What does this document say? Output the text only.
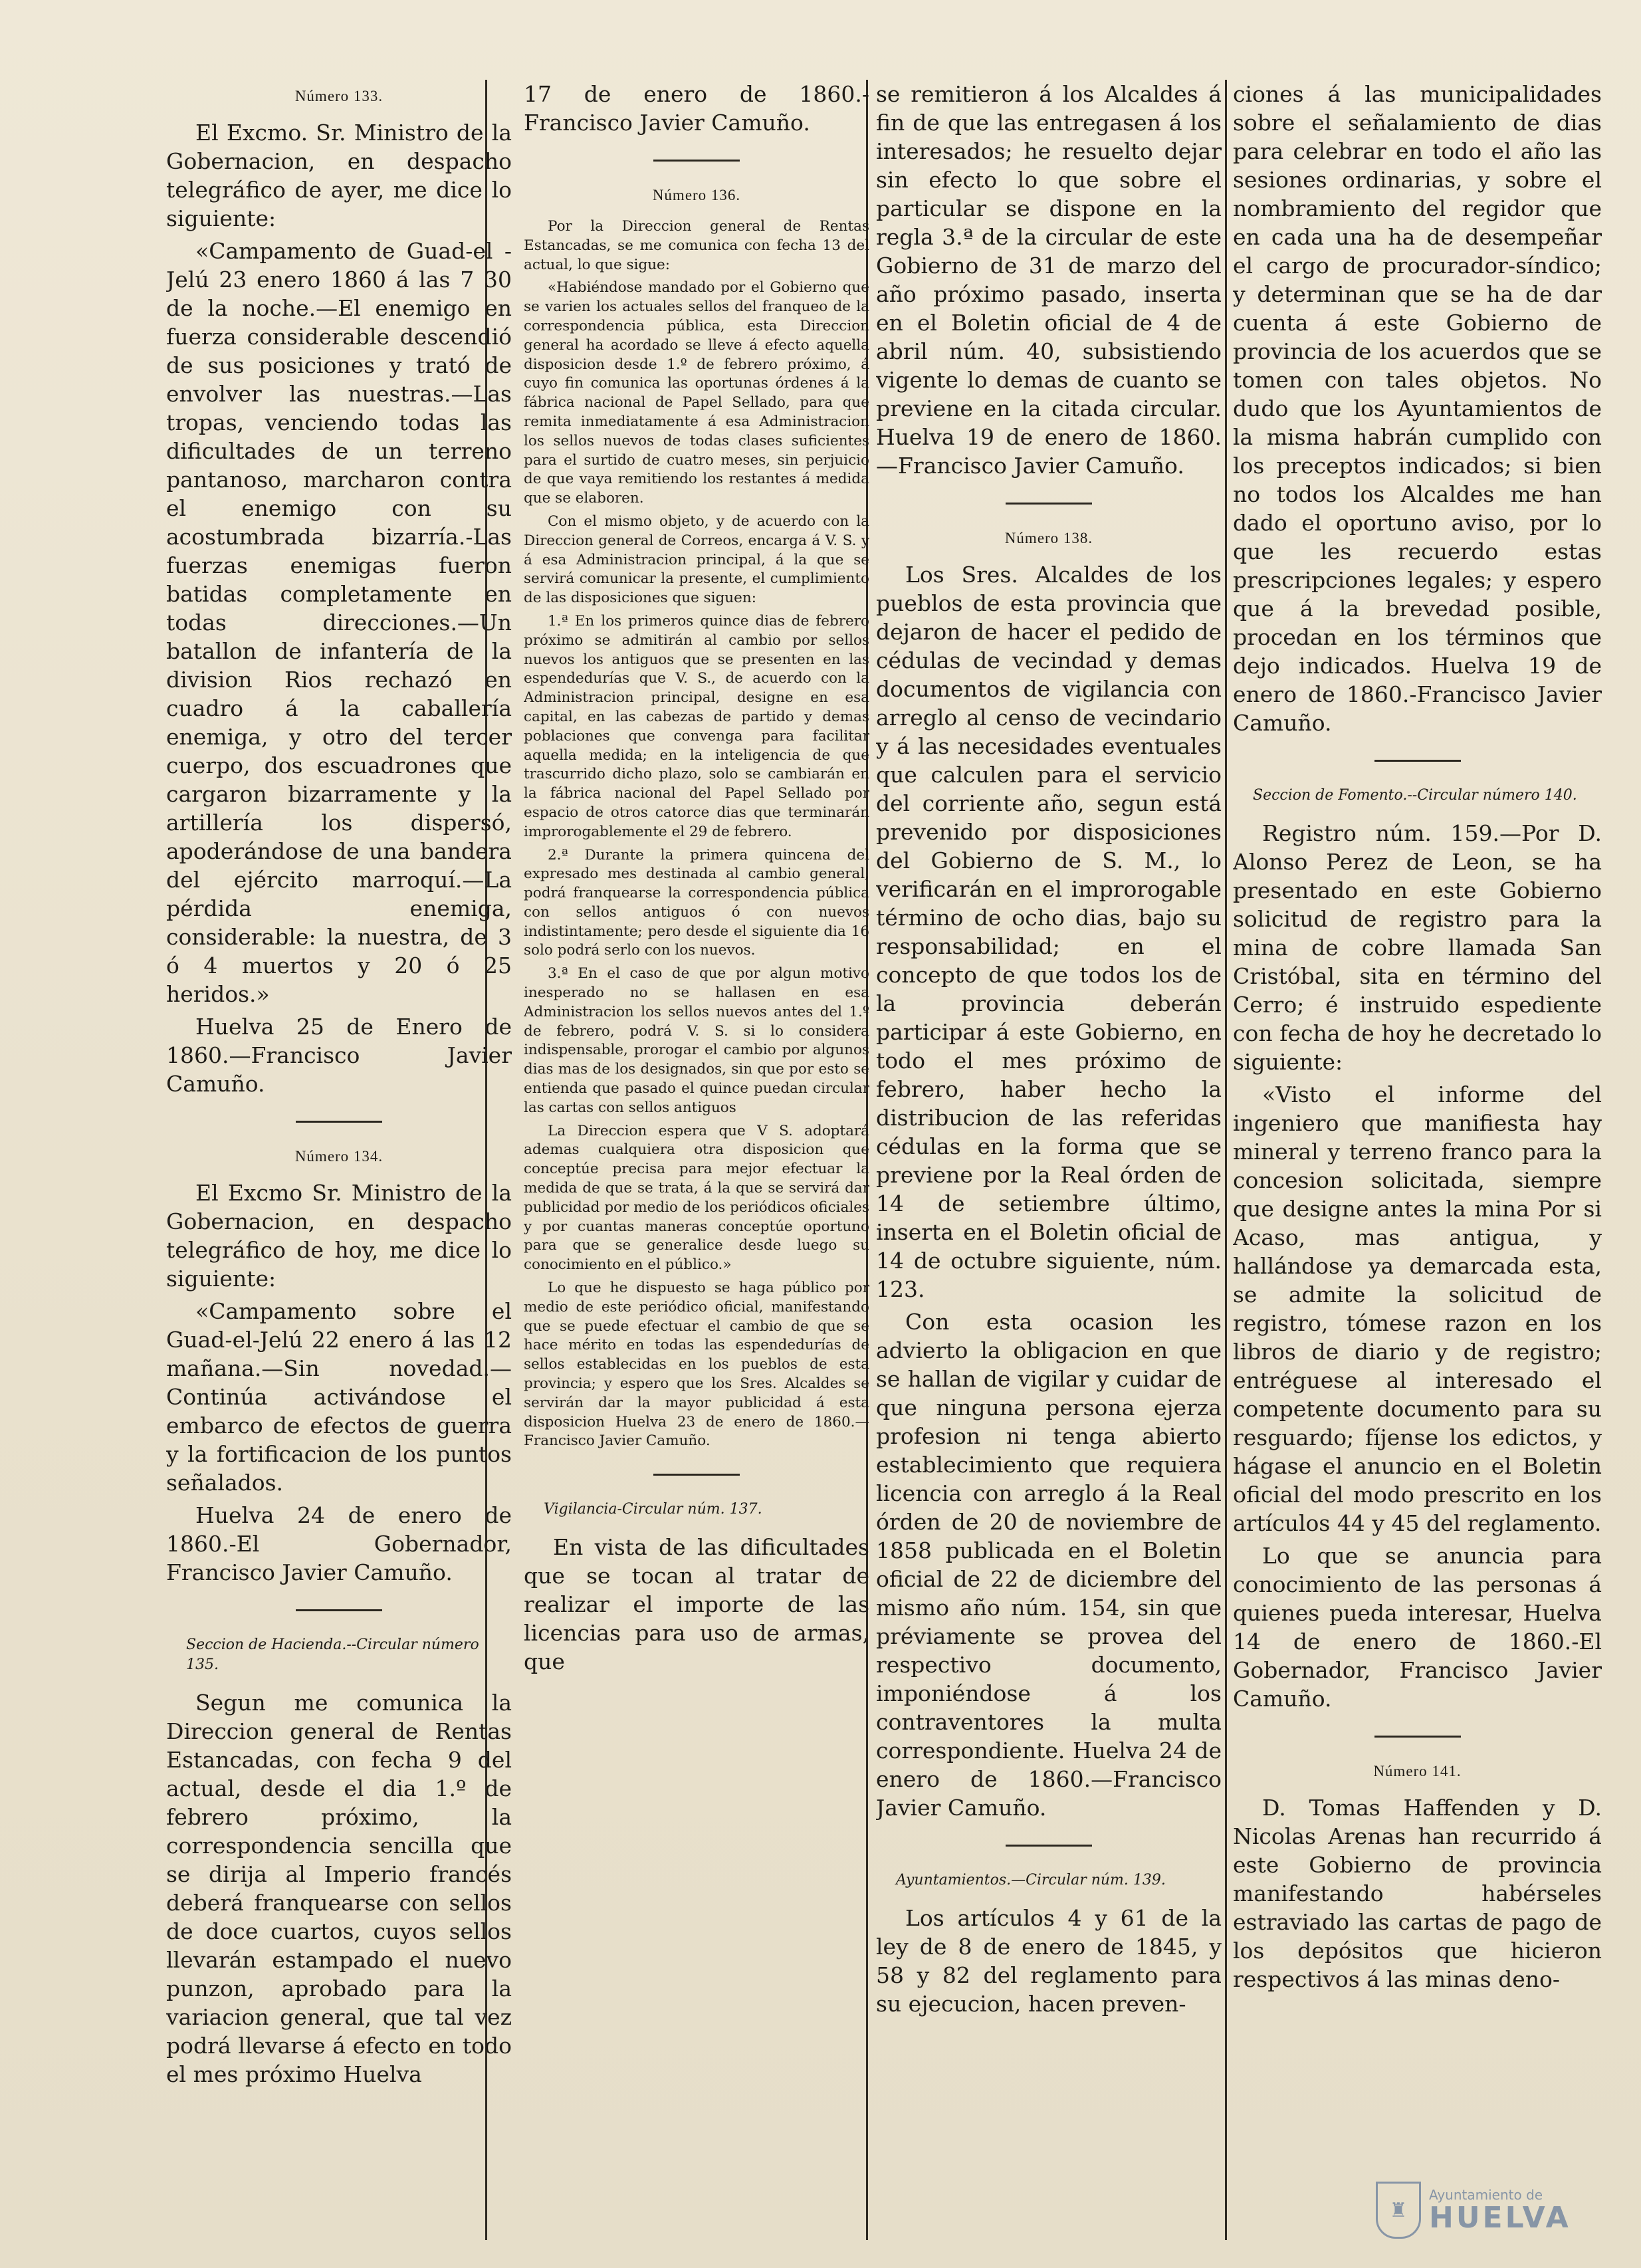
Número 133.

El Excmo. Sr. Ministro de la Gobernacion, en despacho telegráfico de ayer, me dice lo siguiente:

«Campamento de Guad-el -Jelú 23 enero 1860 á las 7 30 de la noche.—El enemigo en fuerza considerable descendió de sus posiciones y trató de envolver las nuestras.—Las tropas, venciendo todas las dificultades de un terreno pantanoso, marcharon contra el enemigo con su acostumbrada bizarría.-Las fuerzas enemigas fueron batidas completamente en todas direcciones.—Un batallon de infantería de la division Rios rechazó en cuadro á la caballería enemiga, y otro del tercer cuerpo, dos escuadrones que cargaron bizarramente y la artillería los dispersó, apoderándose de una bandera del ejército marroquí.—La pérdida enemiga, considerable: la nuestra, de 3 ó 4 muertos y 20 ó 25 heridos.»

Huelva 25 de Enero de 1860.—Francisco Javier Camuño.

Número 134.

El Excmo Sr. Ministro de la Gobernacion, en despacho telegráfico de hoy, me dice lo siguiente:

«Campamento sobre el Guad-el-Jelú 22 enero á las 12 mañana.—Sin novedad.—Continúa activándose el embarco de efectos de guerra y la fortificacion de los puntos señalados.

Huelva 24 de enero de 1860.-El Gobernador, Francisco Javier Camuño.

Seccion de Hacienda.--Circular número 135.

Segun me comunica la Direccion general de Rentas Estancadas, con fecha 9 del actual, desde el dia 1.º de febrero próximo, la correspondencia sencilla que se dirija al Imperio francés deberá franquearse con sellos de doce cuartos, cuyos sellos llevarán estampado el nuevo punzon, aprobado para la variacion general, que tal vez podrá llevarse á efecto en todo el mes próximo Huelva

17 de enero de 1860.-Francisco Javier Camuño.

Número 136.

Por la Direccion general de Rentas Estancadas, se me comunica con fecha 13 del actual, lo que sigue:

«Habiéndose mandado por el Gobierno que se varien los actuales sellos del franqueo de la correspondencia pública, esta Direccion general ha acordado se lleve á efecto aquella disposicion desde 1.º de febrero próximo, á cuyo fin comunica las oportunas órdenes á la fábrica nacional de Papel Sellado, para que remita inmediatamente á esa Administracion los sellos nuevos de todas clases suficientes para el surtido de cuatro meses, sin perjuicio de que vaya remitiendo los restantes á medida que se elaboren.

Con el mismo objeto, y de acuerdo con la Direccion general de Correos, encarga á V. S. y á esa Administracion principal, á la que se servirá comunicar la presente, el cumplimiento de las disposiciones que siguen:

1.ª En los primeros quince dias de febrero próximo se admitirán al cambio por sellos nuevos los antiguos que se presenten en las espendedurías que V. S., de acuerdo con la Administracion principal, designe en esa capital, en las cabezas de partido y demas poblaciones que convenga para facilitar aquella medida; en la inteligencia de que trascurrido dicho plazo, solo se cambiarán en la fábrica nacional del Papel Sellado por espacio de otros catorce dias que terminarán improrogablemente el 29 de febrero.

2.ª Durante la primera quincena del expresado mes destinada al cambio general, podrá franquearse la correspondencia pública con sellos antiguos ó con nuevos indistintamente; pero desde el siguiente dia 16 solo podrá serlo con los nuevos.

3.ª En el caso de que por algun motivo inesperado no se hallasen en esa Administracion los sellos nuevos antes del 1.º de febrero, podrá V. S. si lo considera indispensable, prorogar el cambio por algunos dias mas de los designados, sin que por esto se entienda que pasado el quince puedan circular las cartas con sellos antiguos

La Direccion espera que V S. adoptará ademas cualquiera otra disposicion que conceptúe precisa para mejor efectuar la medida de que se trata, á la que se servirá dar publicidad por medio de los periódicos oficiales y por cuantas maneras conceptúe oportuno para que se generalice desde luego su conocimiento en el público.»

Lo que he dispuesto se haga público por medio de este periódico oficial, manifestando que se puede efectuar el cambio de que se hace mérito en todas las espendedurías de sellos establecidas en los pueblos de esta provincia; y espero que los Sres. Alcaldes se servirán dar la mayor publicidad á esta disposicion Huelva 23 de enero de 1860.—Francisco Javier Camuño.

Vigilancia-Circular núm. 137.

En vista de las dificultades que se tocan al tratar de realizar el importe de las licencias para uso de armas, que

se remitieron á los Alcaldes á fin de que las entregasen á los interesados; he resuelto dejar sin efecto lo que sobre el particular se dispone en la regla 3.ª de la circular de este Gobierno de 31 de marzo del año próximo pasado, inserta en el Boletin oficial de 4 de abril núm. 40, subsistiendo vigente lo demas de cuanto se previene en la citada circular. Huelva 19 de enero de 1860. —Francisco Javier Camuño.

Número 138.

Los Sres. Alcaldes de los pueblos de esta provincia que dejaron de hacer el pedido de cédulas de vecindad y demas documentos de vigilancia con arreglo al censo de vecindario y á las necesidades eventuales que calculen para el servicio del corriente año, segun está prevenido por disposiciones del Gobierno de S. M., lo verificarán en el improrogable término de ocho dias, bajo su responsabilidad; en el concepto de que todos los de la provincia deberán participar á este Gobierno, en todo el mes próximo de febrero, haber hecho la distribucion de las referidas cédulas en la forma que se previene por la Real órden de 14 de setiembre último, inserta en el Boletin oficial de 14 de octubre siguiente, núm. 123.

Con esta ocasion les advierto la obligacion en que se hallan de vigilar y cuidar de que ninguna persona ejerza profesion ni tenga abierto establecimiento que requiera licencia con arreglo á la Real órden de 20 de noviembre de 1858 publicada en el Boletin oficial de 22 de diciembre del mismo año núm. 154, sin que préviamente se provea del respectivo documento, imponiéndose á los contraventores la multa correspondiente. Huelva 24 de enero de 1860.—Francisco Javier Camuño.

Ayuntamientos.—Circular núm. 139.

Los artículos 4 y 61 de la ley de 8 de enero de 1845, y 58 y 82 del reglamento para su ejecucion, hacen preven-

ciones á las municipalidades sobre el señalamiento de dias para celebrar en todo el año las sesiones ordinarias, y sobre el nombramiento del regidor que en cada una ha de desempeñar el cargo de procurador-síndico; y determinan que se ha de dar cuenta á este Gobierno de provincia de los acuerdos que se tomen con tales objetos. No dudo que los Ayuntamientos de la misma habrán cumplido con los preceptos indicados; si bien no todos los Alcaldes me han dado el oportuno aviso, por lo que les recuerdo estas prescripciones legales; y espero que á la brevedad posible, procedan en los términos que dejo indicados. Huelva 19 de enero de 1860.-Francisco Javier Camuño.

Seccion de Fomento.--Circular número 140.

Registro núm. 159.—Por D. Alonso Perez de Leon, se ha presentado en este Gobierno solicitud de registro para la mina de cobre llamada San Cristóbal, sita en término del Cerro; é instruido espediente con fecha de hoy he decretado lo siguiente:

«Visto el informe del ingeniero que manifiesta hay mineral y terreno franco para la concesion solicitada, siempre que designe antes la mina Por si Acaso, mas antigua, y hallándose ya demarcada esta, se admite la solicitud de registro, tómese razon en los libros de diario y de registro; entréguese al interesado el competente documento para su resguardo; fíjense los edictos, y hágase el anuncio en el Boletin oficial del modo prescrito en los artículos 44 y 45 del reglamento.

Lo que se anuncia para conocimiento de las personas á quienes pueda interesar, Huelva 14 de enero de 1860.-El Gobernador, Francisco Javier Camuño.

Número 141.

D. Tomas Haffenden y D. Nicolas Arenas han recurrido á este Gobierno de provincia manifestando habérseles estraviado las cartas de pago de los depósitos que hicieron respectivos á las minas deno-

♜
Ayuntamiento de
HUELVA
